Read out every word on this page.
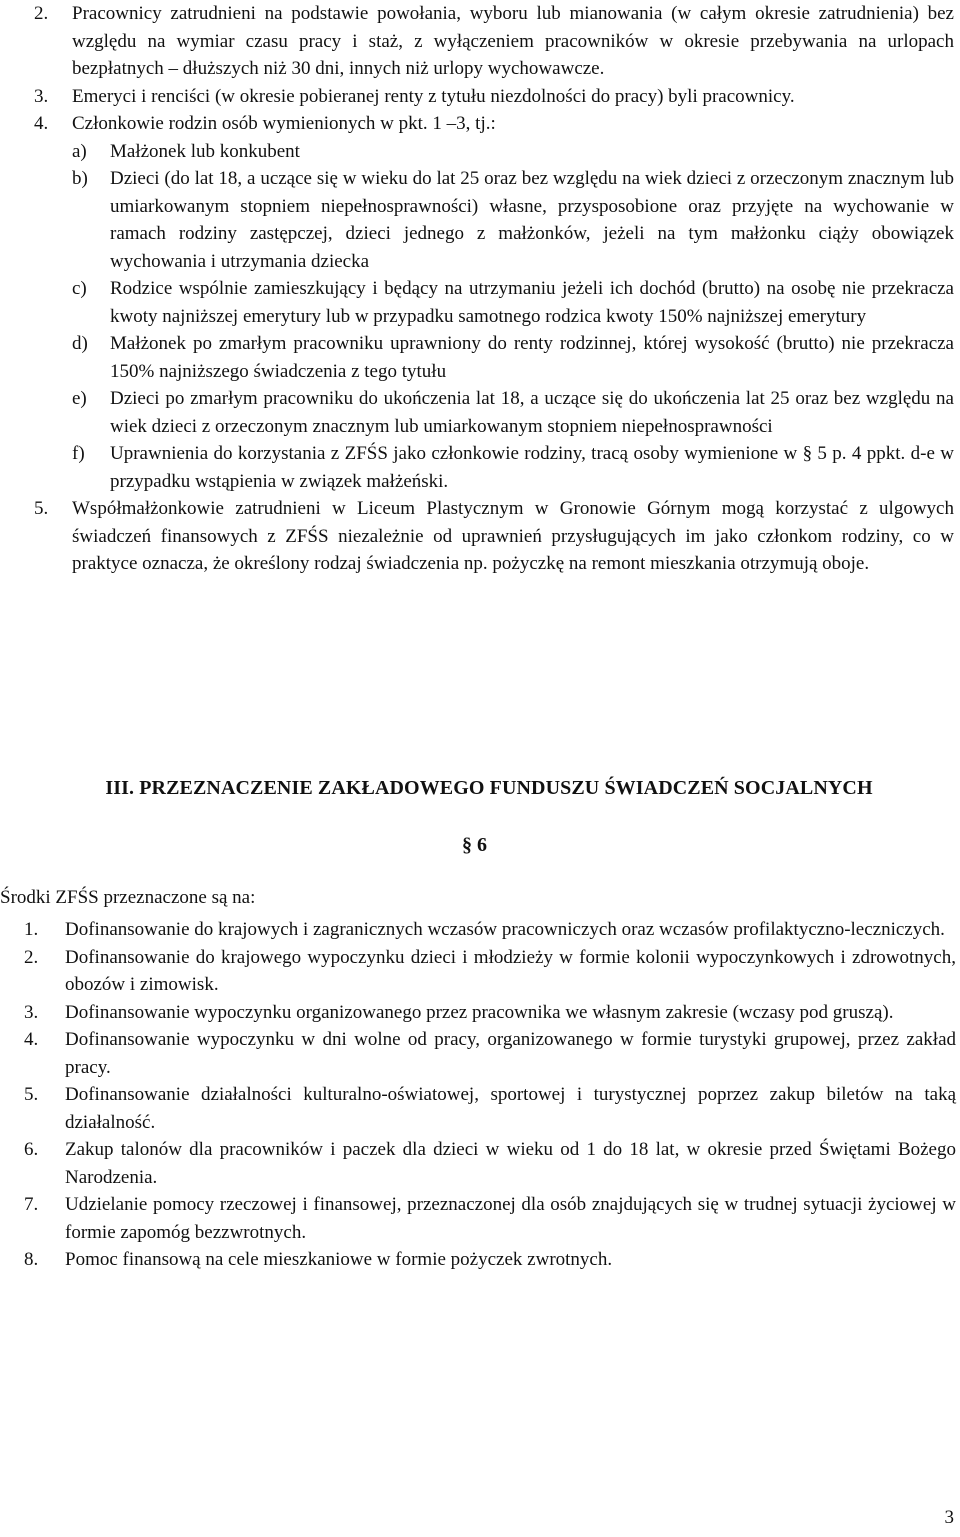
2. Pracownicy zatrudnieni na podstawie powołania, wyboru lub mianowania (w całym okresie zatrudnienia) bez względu na wymiar czasu pracy i staż, z wyłączeniem pracowników w okresie przebywania na urlopach bezpłatnych – dłuższych niż 30 dni, innych niż urlopy wychowawcze.
3. Emeryci i renciści (w okresie pobieranej renty z tytułu niezdolności do pracy) byli pracownicy.
4. Członkowie rodzin osób wymienionych w pkt. 1 –3, tj.:
a) Małżonek lub konkubent
b) Dzieci (do lat 18, a uczące się w wieku do lat 25 oraz bez względu na wiek dzieci z orzeczonym znacznym lub umiarkowanym stopniem niepełnosprawności) własne, przysposobione oraz przyjęte na wychowanie w ramach rodziny zastępczej, dzieci jednego z małżonków, jeżeli na tym małżonku ciąży obowiązek wychowania i utrzymania dziecka
c) Rodzice wspólnie zamieszkujący i będący na utrzymaniu jeżeli ich dochód (brutto) na osobę nie przekracza kwoty najniższej emerytury lub w przypadku samotnego rodzica kwoty 150% najniższej emerytury
d) Małżonek po zmarłym pracowniku uprawniony do renty rodzinnej, której wysokość (brutto) nie przekracza 150% najniższego świadczenia z tego tytułu
e) Dzieci po zmarłym pracowniku do ukończenia lat 18, a uczące się do ukończenia lat 25 oraz bez względu na wiek dzieci z orzeczonym znacznym lub umiarkowanym stopniem niepełnosprawności
f) Uprawnienia do korzystania z ZFŚS jako członkowie rodziny, tracą osoby wymienione w § 5 p. 4 ppkt. d-e w przypadku wstąpienia w związek małżeński.
5. Współmałżonkowie zatrudnieni w Liceum Plastycznym w Gronowie Górnym mogą korzystać z ulgowych świadczeń finansowych z ZFŚS niezależnie od uprawnień przysługujących im jako członkom rodziny, co w praktyce oznacza, że określony rodzaj świadczenia np. pożyczkę na remont mieszkania otrzymują oboje.
III. PRZEZNACZENIE ZAKŁADOWEGO FUNDUSZU ŚWIADCZEŃ SOCJALNYCH
§ 6
Środki ZFŚS przeznaczone są na:
1. Dofinansowanie do krajowych i zagranicznych wczasów pracowniczych oraz wczasów profilaktyczno-leczniczych.
2. Dofinansowanie do krajowego wypoczynku dzieci i młodzieży w formie kolonii wypoczynkowych i zdrowotnych, obozów i zimowisk.
3. Dofinansowanie wypoczynku organizowanego przez pracownika we własnym zakresie (wczasy pod gruszą).
4. Dofinansowanie wypoczynku w dni wolne od pracy, organizowanego w formie turystyki grupowej, przez zakład pracy.
5. Dofinansowanie działalności kulturalno-oświatowej, sportowej i turystycznej poprzez zakup biletów na taką działalność.
6. Zakup talonów dla pracowników i paczek dla dzieci w wieku od 1 do 18 lat, w okresie przed Świętami Bożego Narodzenia.
7. Udzielanie pomocy rzeczowej i finansowej, przeznaczonej dla osób znajdujących się w trudnej sytuacji życiowej w formie zapomóg bezzwrotnych.
8. Pomoc finansową na cele mieszkaniowe w formie pożyczek zwrotnych.
3
